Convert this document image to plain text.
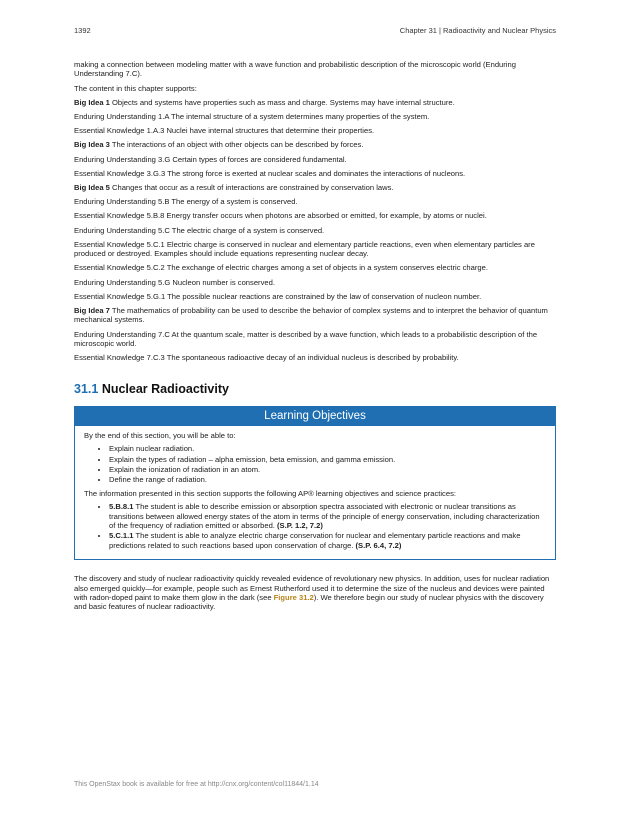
1392	Chapter 31 | Radioactivity and Nuclear Physics

making a connection between modeling matter with a wave function and probabilistic description of the microscopic world (Enduring Understanding 7.C).

The content in this chapter supports:

Big Idea 1 Objects and systems have properties such as mass and charge. Systems may have internal structure.

Enduring Understanding 1.A The internal structure of a system determines many properties of the system.

Essential Knowledge 1.A.3 Nuclei have internal structures that determine their properties.

Big Idea 3 The interactions of an object with other objects can be described by forces.

Enduring Understanding 3.G Certain types of forces are considered fundamental.

Essential Knowledge 3.G.3 The strong force is exerted at nuclear scales and dominates the interactions of nucleons.

Big Idea 5 Changes that occur as a result of interactions are constrained by conservation laws.

Enduring Understanding 5.B The energy of a system is conserved.

Essential Knowledge 5.B.8 Energy transfer occurs when photons are absorbed or emitted, for example, by atoms or nuclei.

Enduring Understanding 5.C The electric charge of a system is conserved.

Essential Knowledge 5.C.1 Electric charge is conserved in nuclear and elementary particle reactions, even when elementary particles are produced or destroyed. Examples should include equations representing nuclear decay.

Essential Knowledge 5.C.2 The exchange of electric charges among a set of objects in a system conserves electric charge.

Enduring Understanding 5.G Nucleon number is conserved.

Essential Knowledge 5.G.1 The possible nuclear reactions are constrained by the law of conservation of nucleon number.

Big Idea 7 The mathematics of probability can be used to describe the behavior of complex systems and to interpret the behavior of quantum mechanical systems.

Enduring Understanding 7.C At the quantum scale, matter is described by a wave function, which leads to a probabilistic description of the microscopic world.

Essential Knowledge 7.C.3 The spontaneous radioactive decay of an individual nucleus is described by probability.

31.1 Nuclear Radioactivity
Learning Objectives

By the end of this section, you will be able to:

• Explain nuclear radiation.
• Explain the types of radiation – alpha emission, beta emission, and gamma emission.
• Explain the ionization of radiation in an atom.
• Define the range of radiation.

The information presented in this section supports the following AP® learning objectives and science practices:

• 5.B.8.1 The student is able to describe emission or absorption spectra associated with electronic or nuclear transitions as transitions between allowed energy states of the atom in terms of the principle of energy conservation, including characterization of the frequency of radiation emitted or absorbed. (S.P. 1.2, 7.2)
• 5.C.1.1 The student is able to analyze electric charge conservation for nuclear and elementary particle reactions and make predictions related to such reactions based upon conservation of charge. (S.P. 6.4, 7.2)

The discovery and study of nuclear radioactivity quickly revealed evidence of revolutionary new physics. In addition, uses for nuclear radiation also emerged quickly—for example, people such as Ernest Rutherford used it to determine the size of the nucleus and devices were painted with radon-doped paint to make them glow in the dark (see Figure 31.2). We therefore begin our study of nuclear physics with the discovery and basic features of nuclear radioactivity.

This OpenStax book is available for free at http://cnx.org/content/col11844/1.14
